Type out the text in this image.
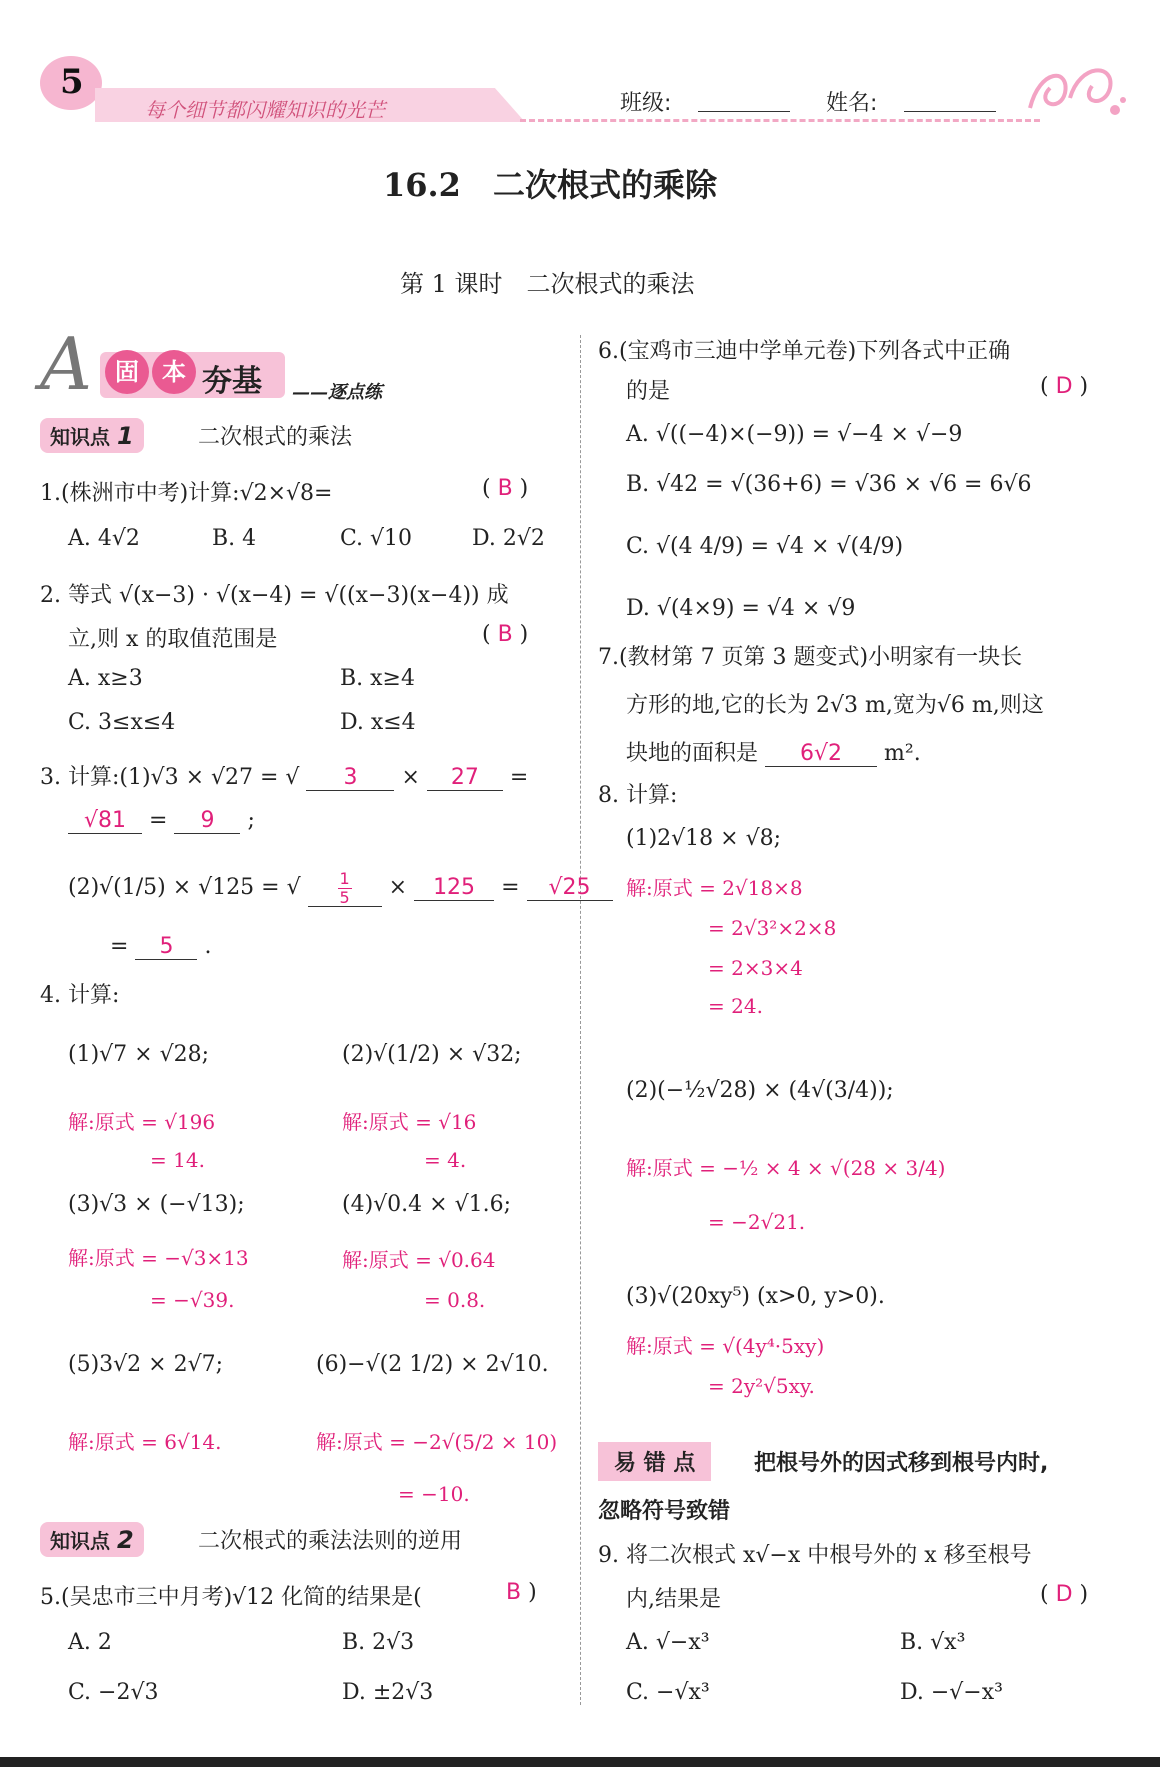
5
每个细节都闪耀知识的光芒	班级:	姓名:
16.2　二次根式的乘除
第 1 课时　二次根式的乘法
A 固 本 夯基 ——逐点练
知识点 1	二次根式的乘法
1.(株洲市中考)计算:√2×√8=	( B )
A. 4√2	B. 4	C. √10	D. 2√2
2. 等式 √(x−3) · √(x−4) = √((x−3)(x−4)) 成
立,则 x 的取值范围是	( B )
A. x≥3	B. x≥4
C. 3≤x≤4	D. x≤4
3. 计算:(1)√3 × √27 = √ 3 × 27 =
√81 = 9 ;
(2)√(1/5) × √125 = √ $\frac{1}{5} \times 125 = √25$
= 5 .
4. 计算:
(1)√7 × √28;	(2)√(1/2) × √32;
解:原式 = √196
= 14.
解:原式 = √16
= 4.
(3)√3 × (−√13);	(4)√0.4 × √1.6;
解:原式 = −√3×13
= −√39.
解:原式 = √0.64
= 0.8.
(5)3√2 × 2√7;	(6)−√(2 1/2) × 2√10.
解:原式 = 6√14.	解:原式 = −2√(5/2 × 10)
= −10.
知识点 2	二次根式的乘法法则的逆用
5.(吴忠市三中月考)√12 化简的结果是(	B )
A. 2	B. 2√3
C. −2√3	D. ±2√3
6.(宝鸡市三迪中学单元卷)下列各式中正确
的是	( D )
A. √((−4)×(−9)) = √−4 × √−9
B. √42 = √(36+6) = √36 × √6 = 6√6
C. √(4 4/9) = √4 × √(4/9)
D. √(4×9) = √4 × √9
7.(教材第 7 页第 3 题变式)小明家有一块长
方形的地,它的长为 2√3 m,宽为√6 m,则这
块地的面积是 6√2 m².
8. 计算:
(1)2√18 × √8;
解:原式 = 2√18×8
= 2√3²×2×8
= 2×3×4
= 24.
(2)(−½√28) × (4√(3/4));
解:原式 = −½ × 4 × √(28 × 3/4)
= −2√21.
(3)√(20xy⁵) (x>0, y>0).
解:原式 = √(4y⁴·5xy)
= 2y²√5xy.
易 错 点	把根号外的因式移到根号内时,
忽略符号致错
9. 将二次根式 x√−x 中根号外的 x 移至根号
内,结果是	( D )
A. √−x³	B. √x³
C. −√x³	D. −√−x³
